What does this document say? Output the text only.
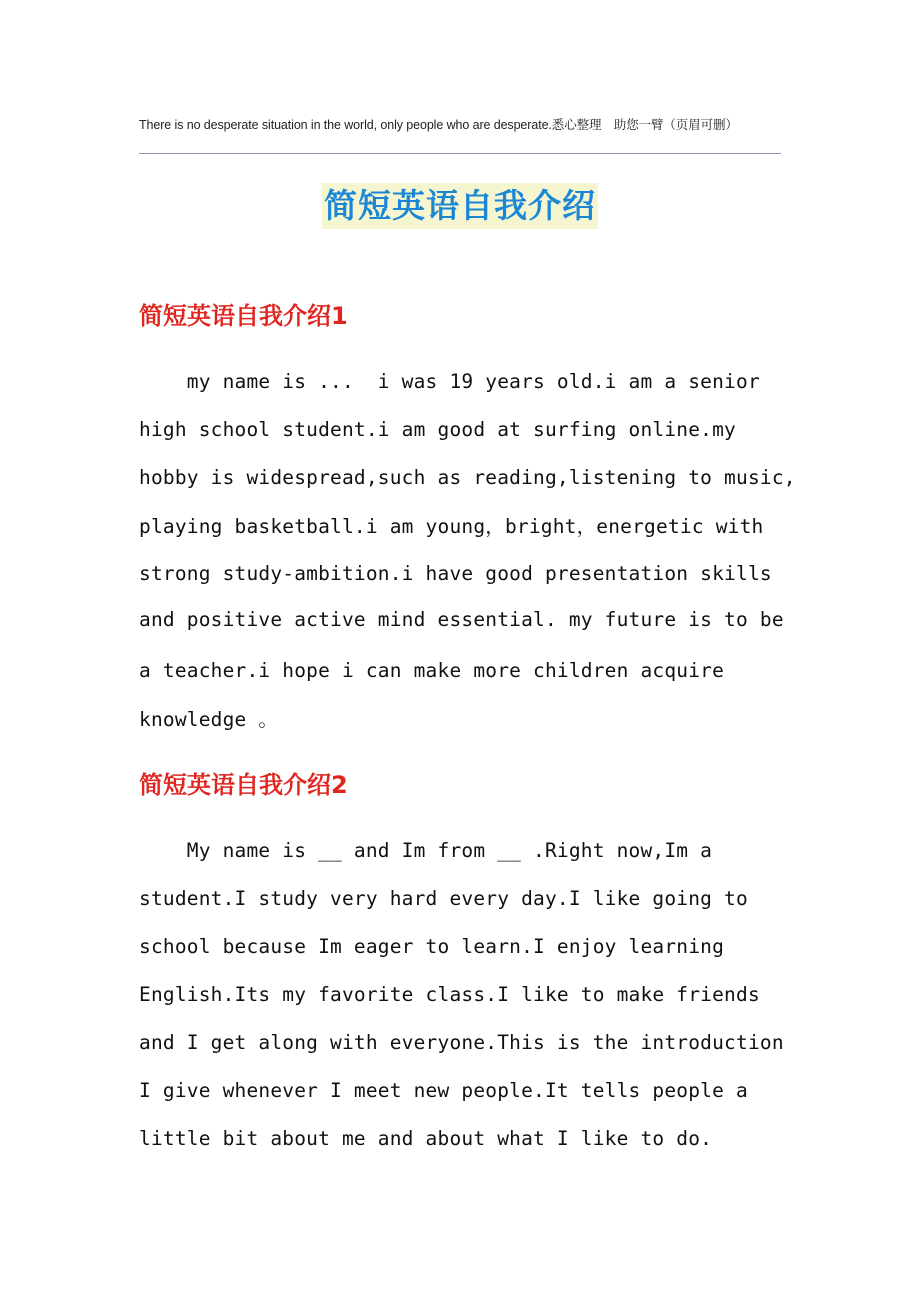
There is no desperate situation in the world, only people who are desperate.悉心整理　助您一臂（页眉可删）
简短英语自我介绍
简短英语自我介绍1
my name is ...  i was 19 years old.i am a senior
high school student.i am good at surfing online.my
hobby is widespread,such as reading,listening to music,
playing basketball.i am young，bright，energetic with
strong study-ambition.i have good presentation skills
and positive active mind essential. my future is to be
a teacher.i hope i can make more children acquire
knowledge 。
简短英语自我介绍2
My name is __ and Im from __ .Right now,Im a
student.I study very hard every day.I like going to
school because Im eager to learn.I enjoy learning
English.Its my favorite class.I like to make friends
and I get along with everyone.This is the introduction
I give whenever I meet new people.It tells people a
little bit about me and about what I like to do.
